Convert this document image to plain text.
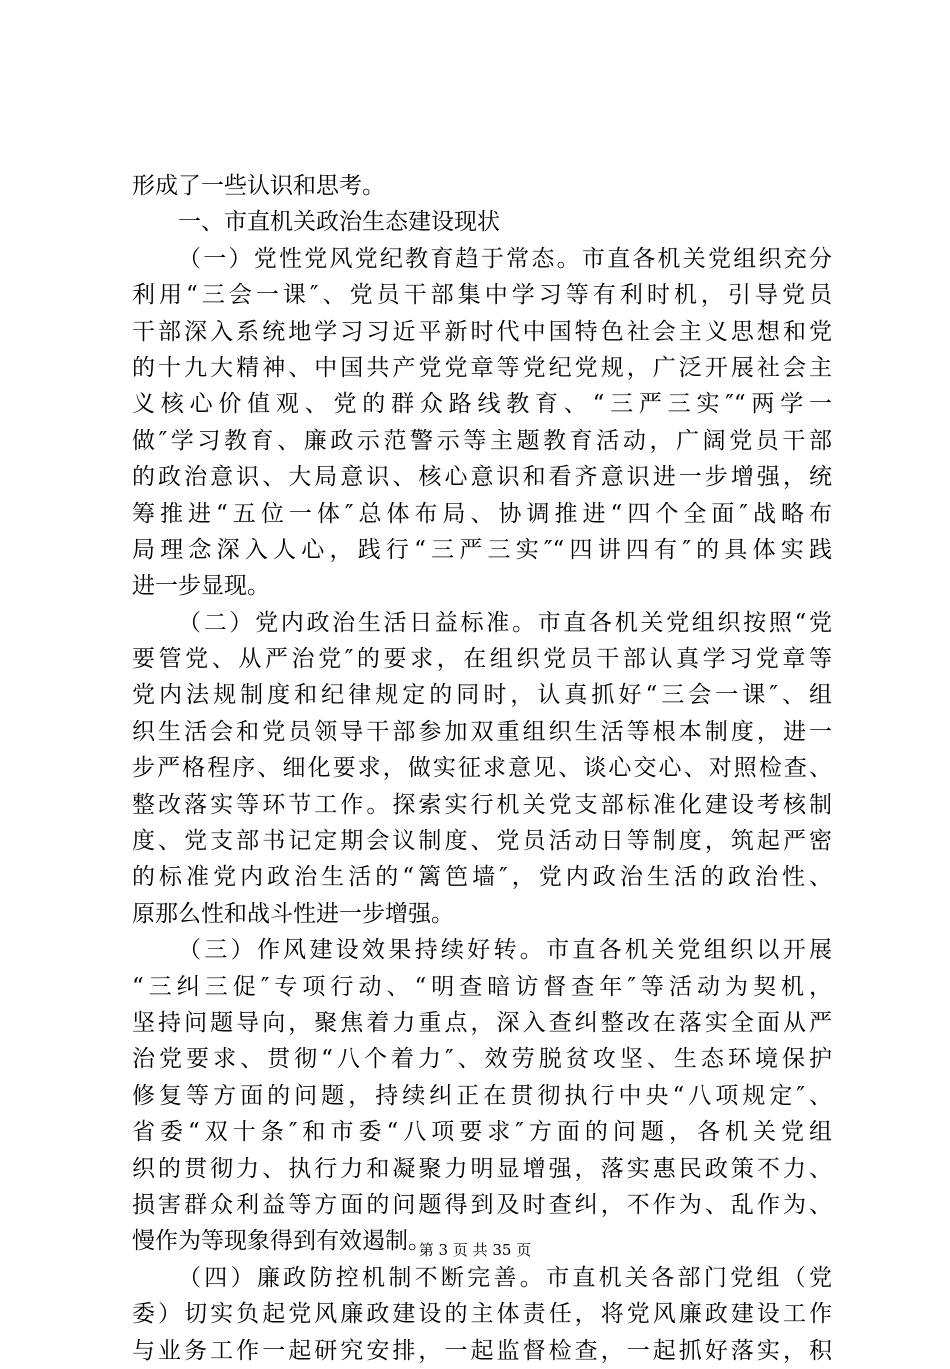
形成了一些认识和思考。
一、市直机关政治生态建设现状
（一）党性党风党纪教育趋于常态。市直各机关党组织充分
利用“三会一课″、党员干部集中学习等有利时机，引导党员
干部深入系统地学习习近平新时代中国特色社会主义思想和党
的十九大精神、中国共产党党章等党纪党规，广泛开展社会主
义核心价值观、党的群众路线教育、“三严三实″“两学一
做″学习教育、廉政示范警示等主题教育活动，广阔党员干部
的政治意识、大局意识、核心意识和看齐意识进一步增强，统
筹推进“五位一体″总体布局、协调推进“四个全面″战略布
局理念深入人心，践行“三严三实″“四讲四有″的具体实践
进一步显现。
（二）党内政治生活日益标准。市直各机关党组织按照“党
要管党、从严治党″的要求，在组织党员干部认真学习党章等
党内法规制度和纪律规定的同时，认真抓好“三会一课″、组
织生活会和党员领导干部参加双重组织生活等根本制度，进一
步严格程序、细化要求，做实征求意见、谈心交心、对照检查、
整改落实等环节工作。探索实行机关党支部标准化建设考核制
度、党支部书记定期会议制度、党员活动日等制度，筑起严密
的标准党内政治生活的“篱笆墙″，党内政治生活的政治性、
原那么性和战斗性进一步增强。
（三）作风建设效果持续好转。市直各机关党组织以开展
“三纠三促″专项行动、“明查暗访督查年″等活动为契机，
坚持问题导向，聚焦着力重点，深入查纠整改在落实全面从严
治党要求、贯彻“八个着力″、效劳脱贫攻坚、生态环境保护
修复等方面的问题，持续纠正在贯彻执行中央“八项规定″、
省委“双十条″和市委“八项要求″方面的问题，各机关党组
织的贯彻力、执行力和凝聚力明显增强，落实惠民政策不力、
损害群众利益等方面的问题得到及时查纠，不作为、乱作为、
慢作为等现象得到有效遏制。
（四）廉政防控机制不断完善。市直机关各部门党组（党
委）切实负起党风廉政建设的主体责任，将党风廉政建设工作
与业务工作一起研究安排，一起监督检查，一起抓好落实，积
第 3 页 共 35 页
